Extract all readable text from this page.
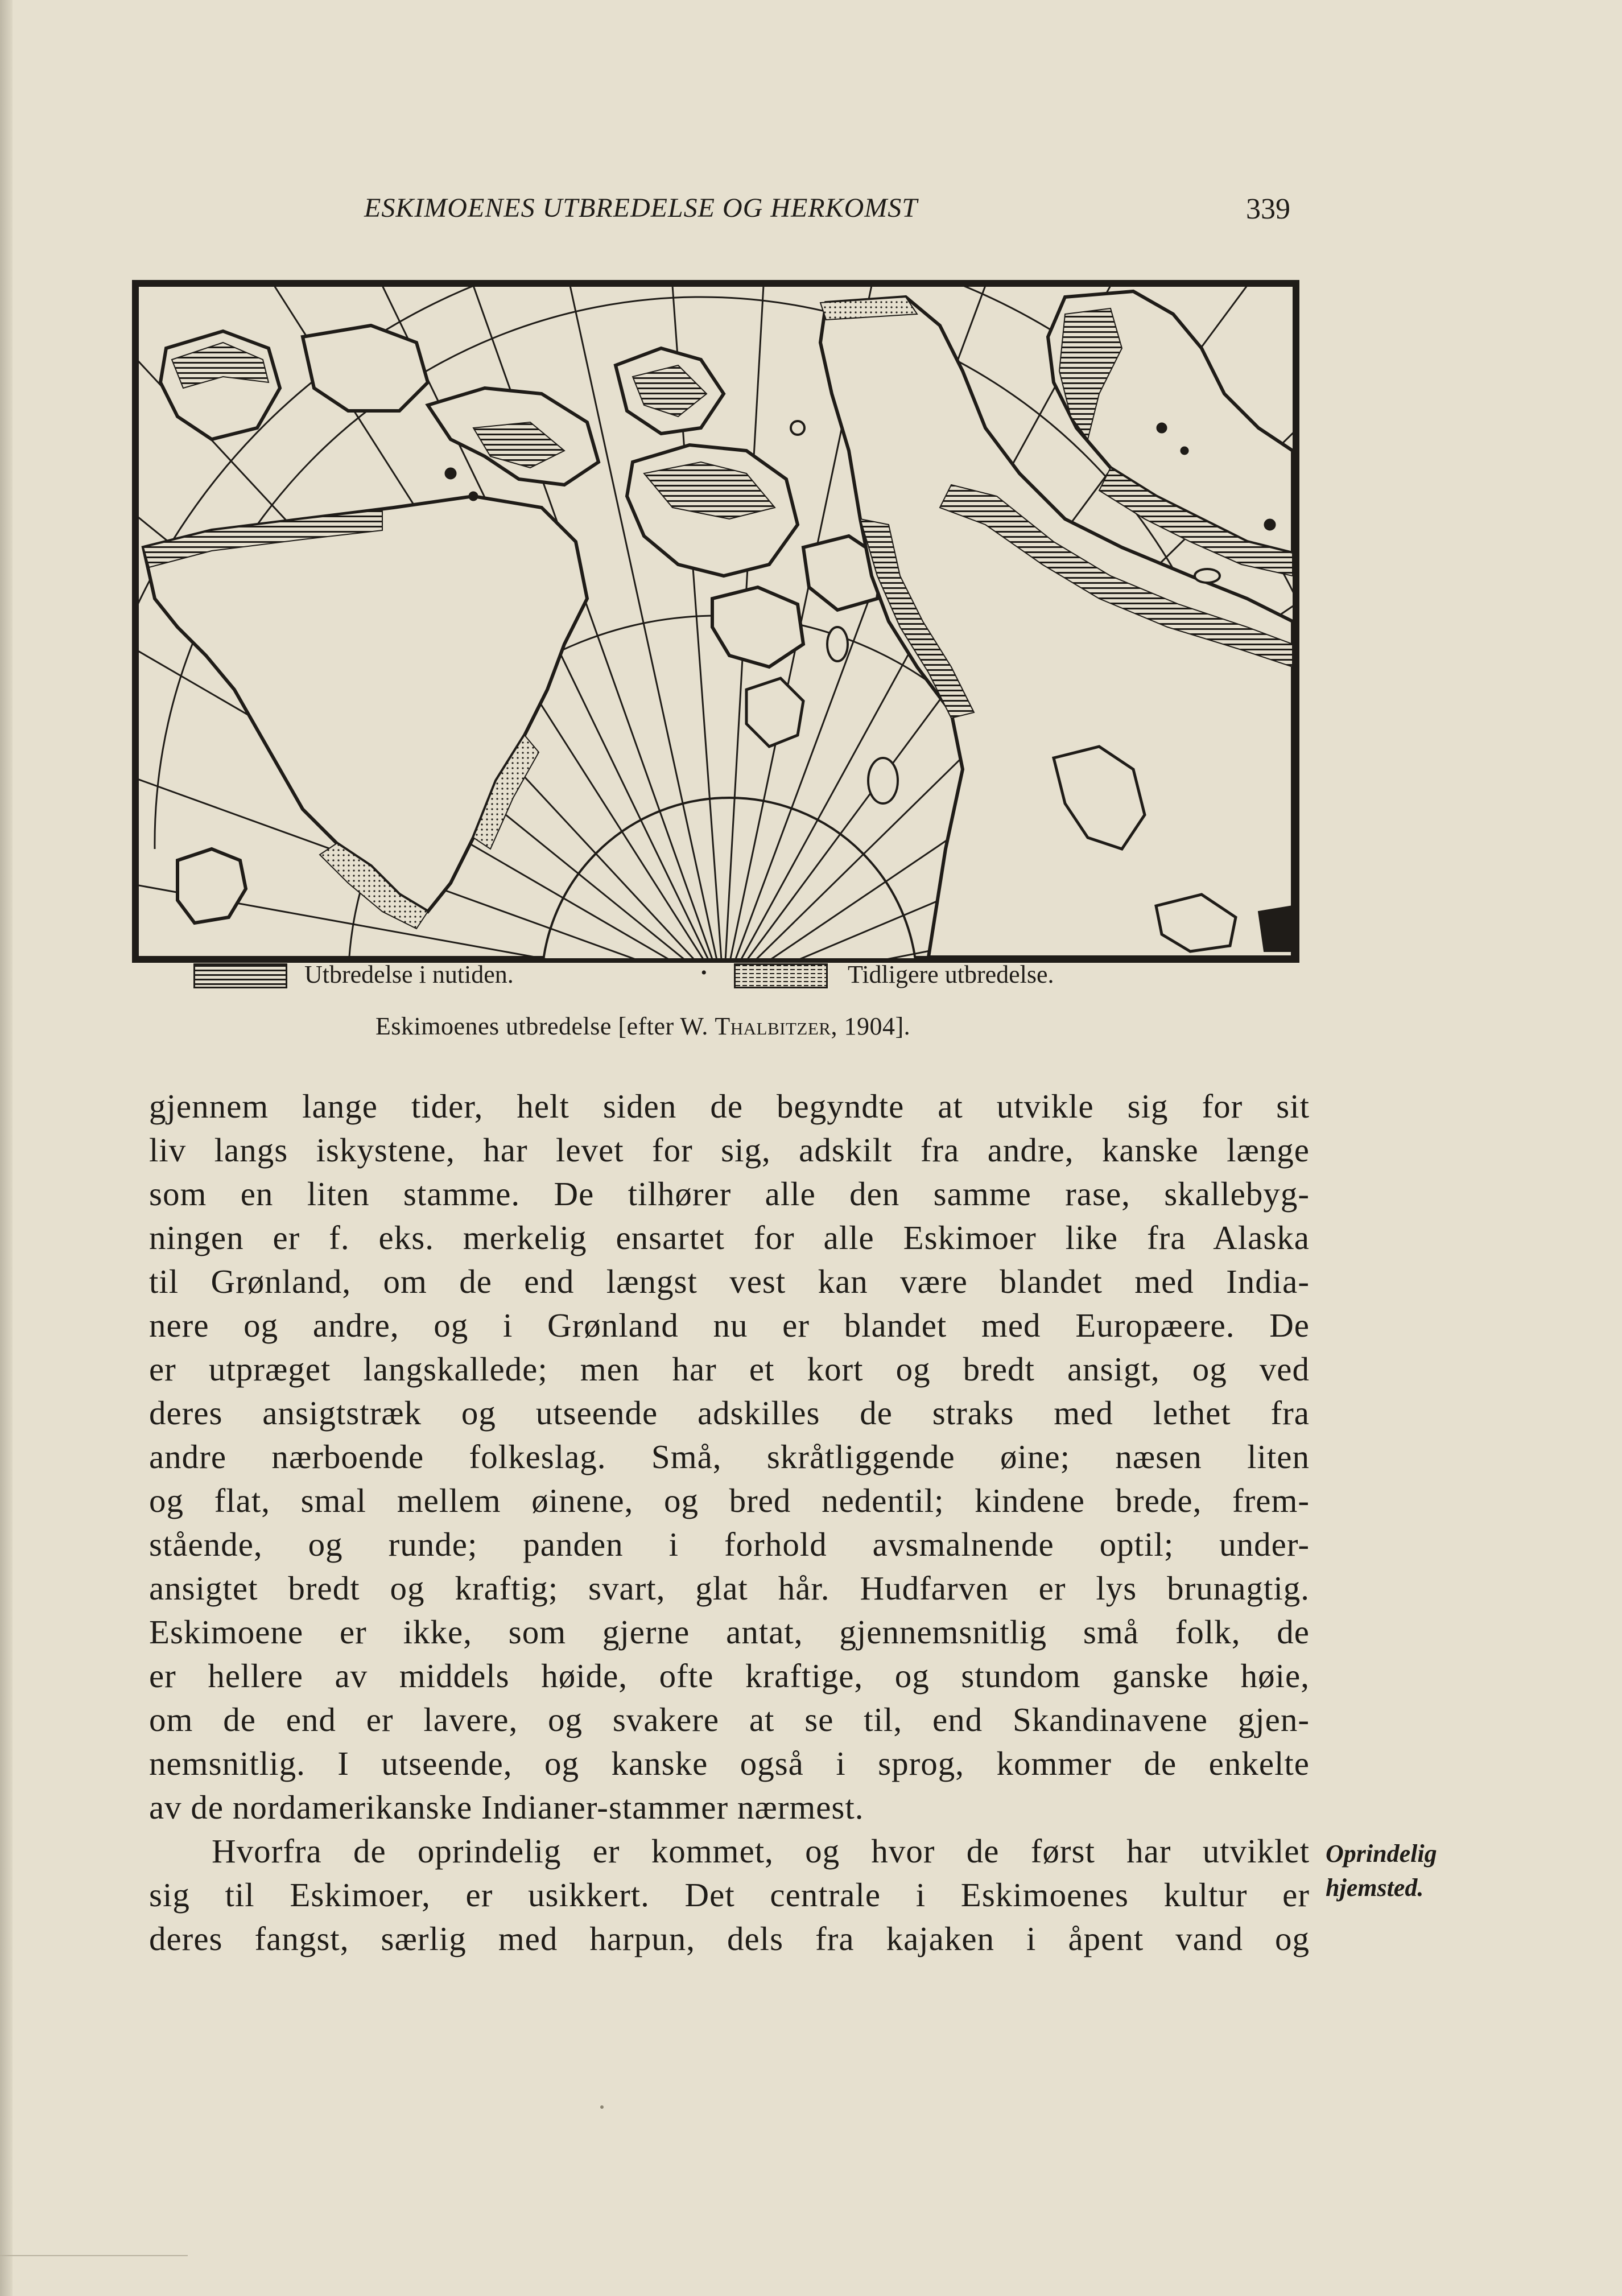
ESKIMOENES UTBREDELSE OG HERKOMST	339
Utbredelse i nutiden.	•	Tidligere utbredelse.
Eskimoenes utbredelse [efter W. Thalbitzer, 1904].
gjennem lange tider, helt siden de begyndte at utvikle sig for sit
liv langs iskystene, har levet for sig, adskilt fra andre, kanske længe
som en liten stamme. De tilhører alle den samme rase, skallebyg-
ningen er f. eks. merkelig ensartet for alle Eskimoer like fra Alaska
til Grønland, om de end længst vest kan være blandet med India-
nere og andre, og i Grønland nu er blandet med Europæere. De
er utpræget langskallede; men har et kort og bredt ansigt, og ved
deres ansigtstræk og utseende adskilles de straks med lethet fra
andre nærboende folkeslag. Små, skråtliggende øine; næsen liten
og flat, smal mellem øinene, og bred nedentil; kindene brede, frem-
stående, og runde; panden i forhold avsmalnende optil; under-
ansigtet bredt og kraftig; svart, glat hår. Hudfarven er lys brunagtig.
Eskimoene er ikke, som gjerne antat, gjennemsnitlig små folk, de
er hellere av middels høide, ofte kraftige, og stundom ganske høie,
om de end er lavere, og svakere at se til, end Skandinavene gjen-
nemsnitlig. I utseende, og kanske også i sprog, kommer de enkelte
av de nordamerikanske Indianer-stammer nærmest.
Hvorfra de oprindelig er kommet, og hvor de først har utviklet
sig til Eskimoer, er usikkert. Det centrale i Eskimoenes kultur er
deres fangst, særlig med harpun, dels fra kajaken i åpent vand og
Oprindelig
hjemsted.
